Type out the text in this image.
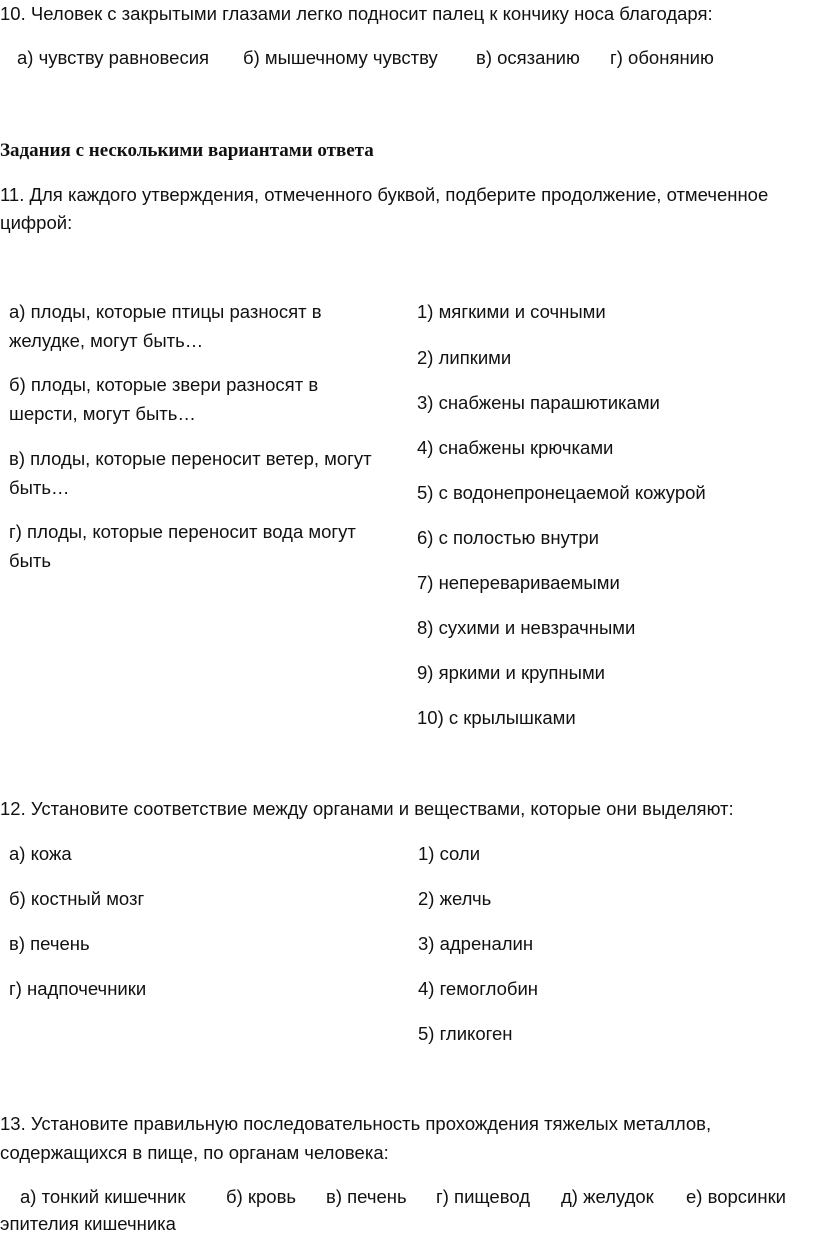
10. Человек с закрытыми глазами легко подносит палец к кончику носа благодаря:
а) чувству равновесия б) мышечному чувству в) осязанию г) обонянию
Задания с несколькими вариантами ответа
11. Для каждого утверждения, отмеченного буквой, подберите продолжение, отмеченное
цифрой:
а) плоды, которые птицы разносят в
желудке, могут быть…
б) плоды, которые звери разносят в
шерсти, могут быть…
в) плоды, которые переносит ветер, могут
быть…
г) плоды, которые переносит вода могут
быть
1) мягкими и сочными
2) липкими
3) снабжены парашютиками
4) снабжены крючками
5) с водонепронецаемой кожурой
6) с полостью внутри
7) неперевариваемыми
8) сухими и невзрачными
9) яркими и крупными
10) с крылышками
12. Установите соответствие между органами и веществами, которые они выделяют:
а) кожа
б) костный мозг
в) печень
г) надпочечники
1) соли
2) желчь
3) адреналин
4) гемоглобин
5) гликоген
13. Установите правильную последовательность прохождения тяжелых металлов,
содержащихся в пище, по органам человека:
а) тонкий кишечник б) кровь в) печень г) пищевод д) желудок е) ворсинки
эпителия кишечника
